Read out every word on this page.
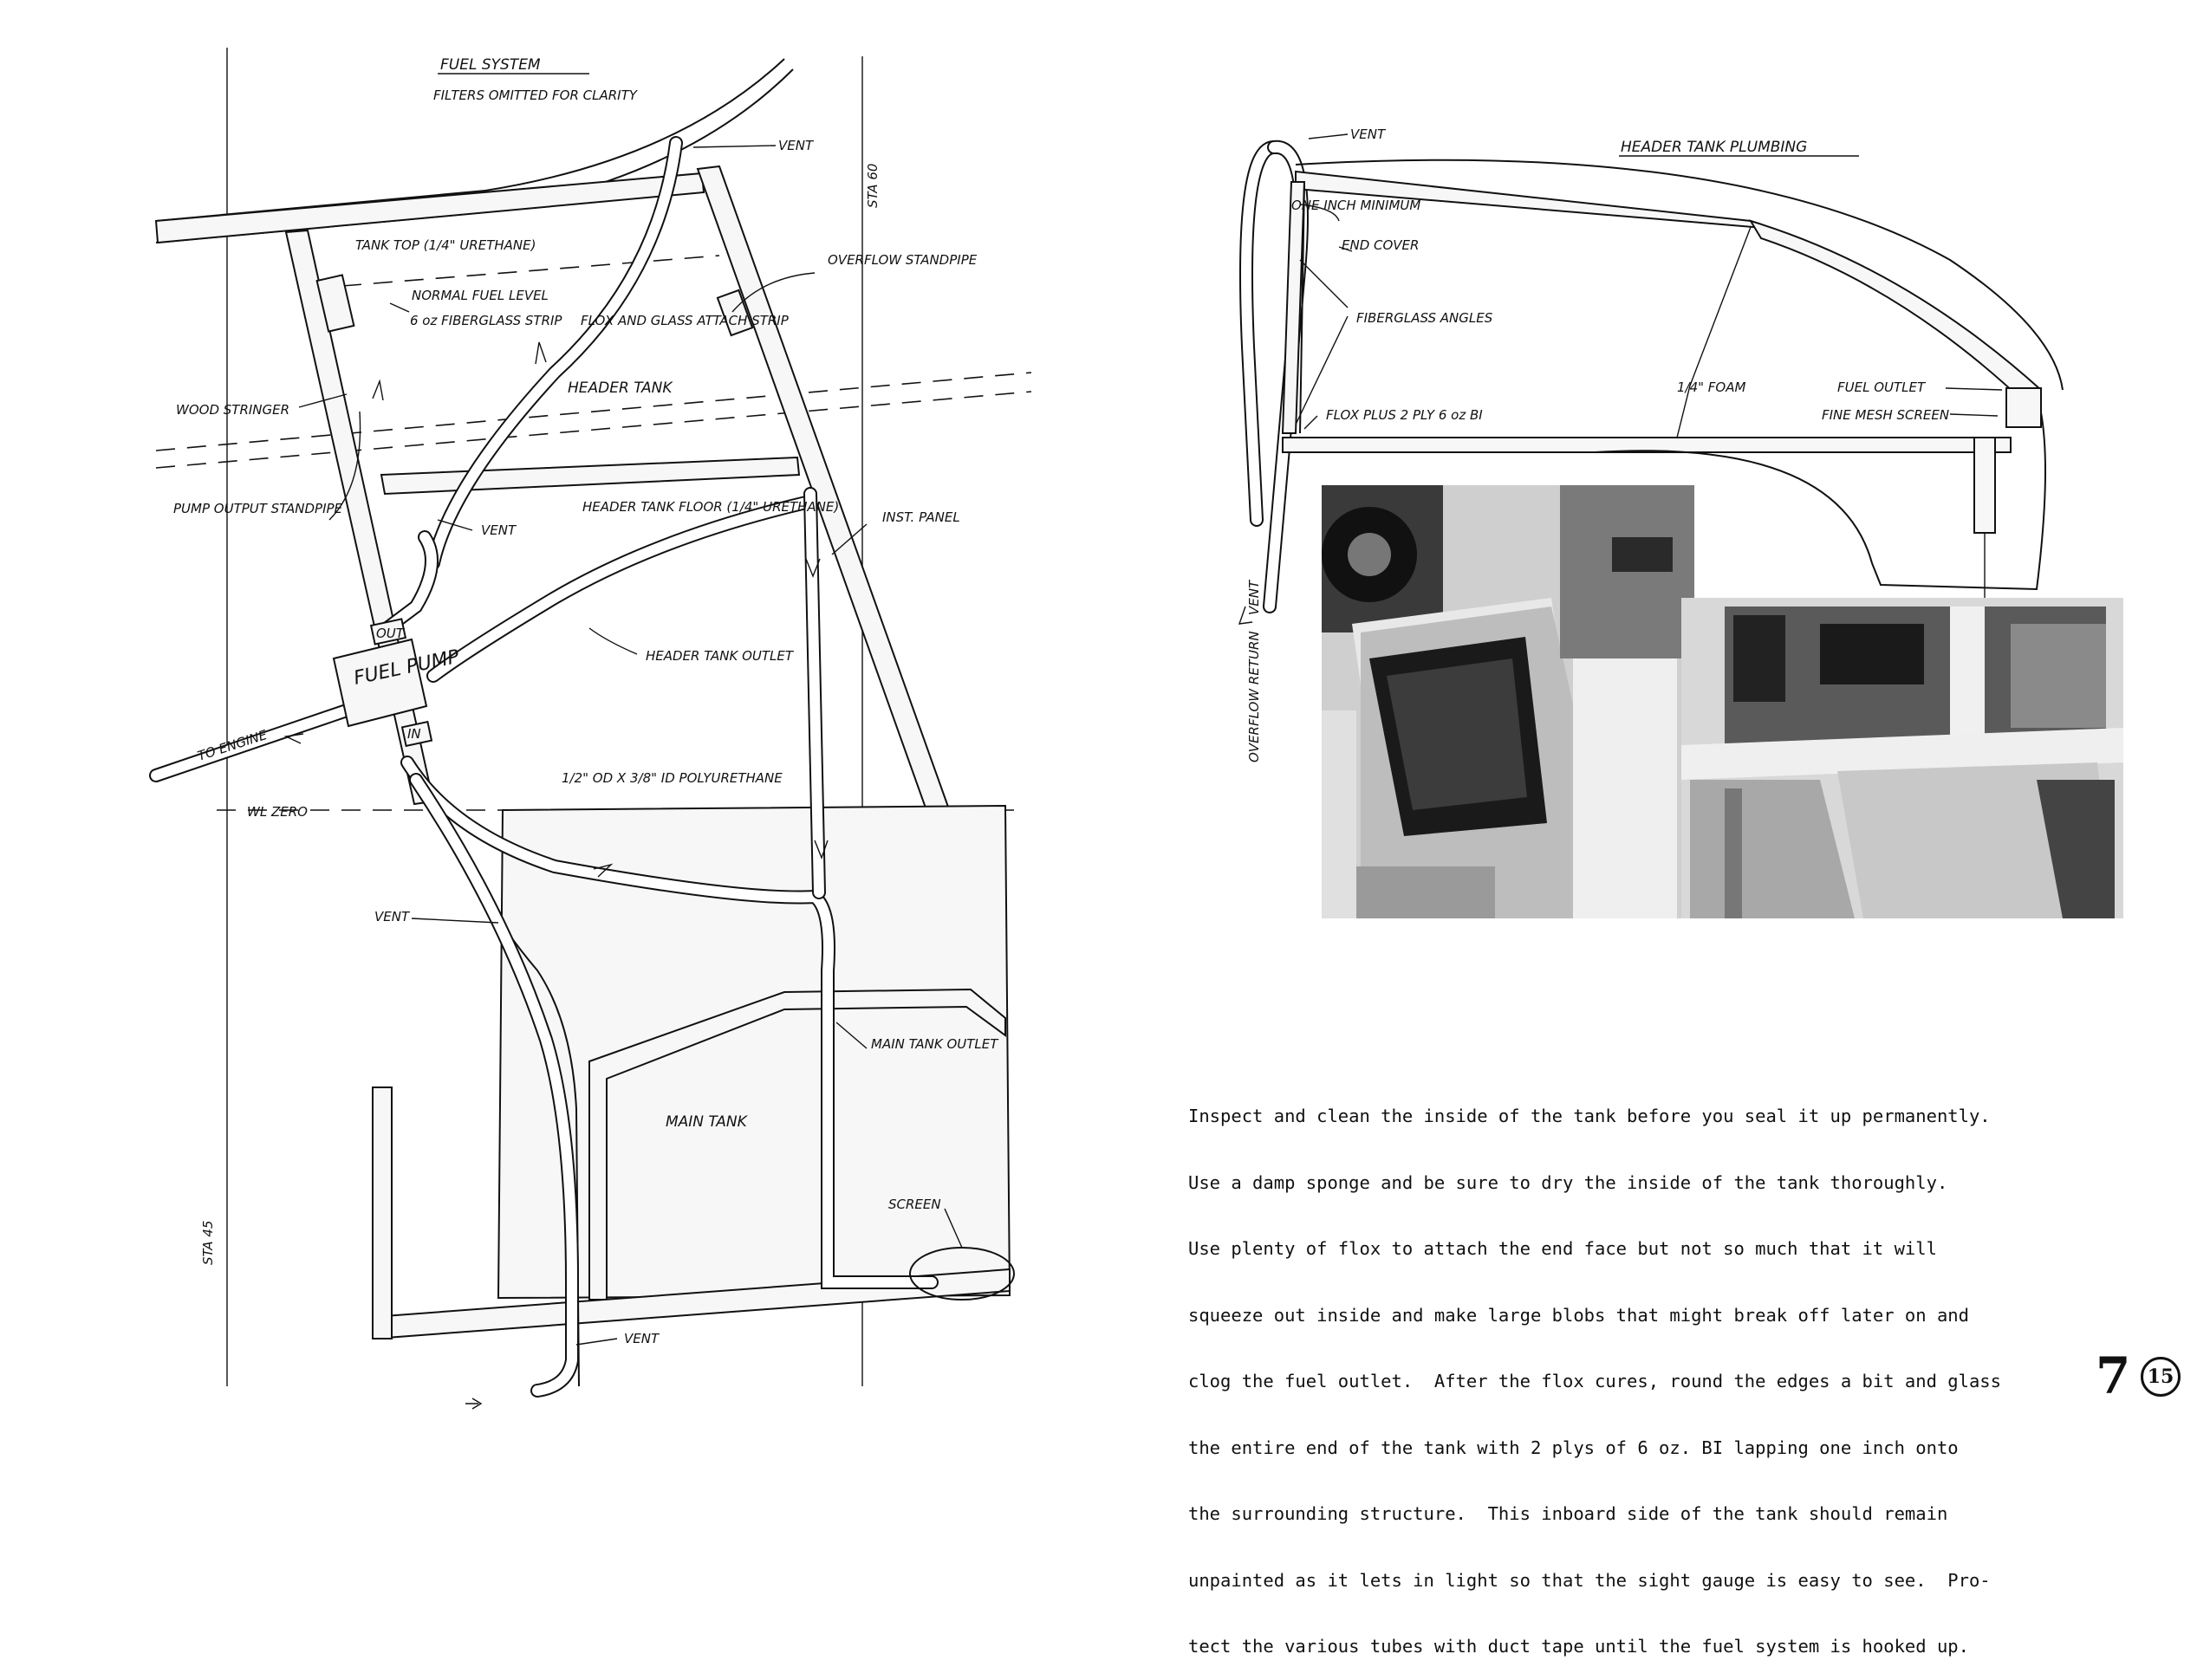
FUEL SYSTEM
FILTERS OMITTED FOR CLARITY
VENT
STA 60
TANK TOP (1/4" URETHANE)
NORMAL FUEL LEVEL
OVERFLOW STANDPIPE
6 oz FIBERGLASS STRIP FLOX AND GLASS ATTACH STRIP
HEADER TANK
WOOD STRINGER
PUMP OUTPUT STANDPIPE
VENT
HEADER TANK FLOOR (1/4" URETHANE)
INST. PANEL
OUT
FUEL PUMP
IN
HEADER TANK OUTLET
TO ENGINE
1/2" OD X 3/8" ID POLYURETHANE
WL ZERO
VENT
MAIN TANK OUTLET
MAIN TANK
SCREEN
STA 45
VENT
VENT
HEADER TANK PLUMBING
ONE INCH MINIMUM
END COVER
FIBERGLASS ANGLES
1/4" FOAM	FUEL OUTLET
FINE MESH SCREEN
FLOX PLUS 2 PLY 6 oz BI
VENT
OVERFLOW RETURN

Inspect and clean the inside of the tank before you seal it up permanently.

Use a damp sponge and be sure to dry the inside of the tank thoroughly.

Use plenty of flox to attach the end face but not so much that it will

squeeze out inside and make large blobs that might break off later on and

clog the fuel outlet.  After the flox cures, round the edges a bit and glass

the entire end of the tank with 2 plys of 6 oz. BI lapping one inch onto

the surrounding structure.  This inboard side of the tank should remain

unpainted as it lets in light so that the sight gauge is easy to see.  Pro-

tect the various tubes with duct tape until the fuel system is hooked up.

7 15
